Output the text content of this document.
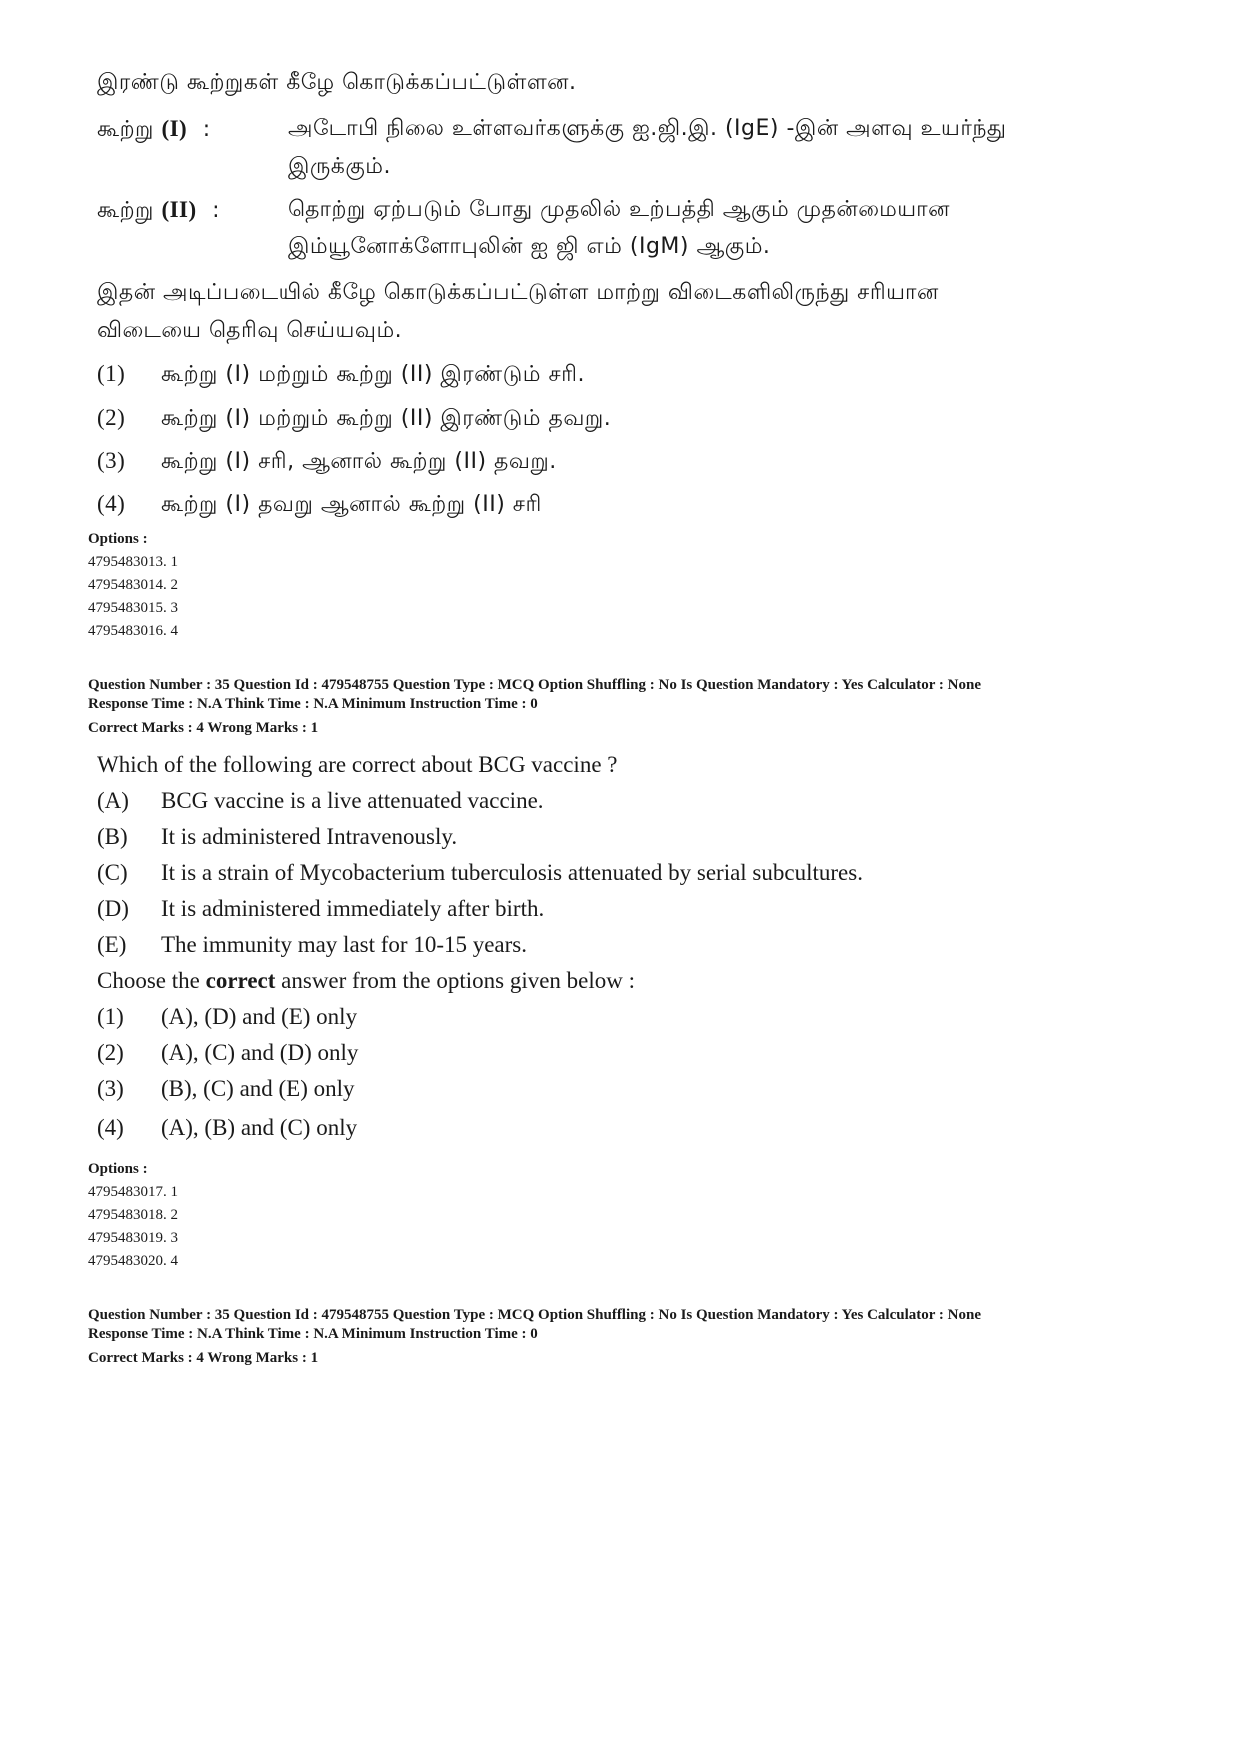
இரண்டு கூற்றுகள் கீழே கொடுக்கப்பட்டுள்ளன.
கூற்று (I) :	அடோபி நிலை உள்ளவர்களுக்கு ஐ.ஜி.இ. (IgE) -இன் அளவு உயர்ந்து
இருக்கும்.
கூற்று (II) :	தொற்று ஏற்படும் போது முதலில் உற்பத்தி ஆகும் முதன்மையான
இம்யூனோக்ளோபுலின் ஐ ஜி எம் (IgM) ஆகும்.
இதன் அடிப்படையில் கீழே கொடுக்கப்பட்டுள்ள மாற்று விடைகளிலிருந்து சரியான
விடையை தெரிவு செய்யவும்.
(1) கூற்று (I) மற்றும் கூற்று (II) இரண்டும் சரி.
(2) கூற்று (I) மற்றும் கூற்று (II) இரண்டும் தவறு.
(3) கூற்று (I) சரி, ஆனால் கூற்று (II) தவறு.
(4) கூற்று (I) தவறு ஆனால் கூற்று (II) சரி
Options :
4795483013. 1
4795483014. 2
4795483015. 3
4795483016. 4
Question Number : 35 Question Id : 479548755 Question Type : MCQ Option Shuffling : No Is Question Mandatory : Yes Calculator : None
Response Time : N.A Think Time : N.A Minimum Instruction Time : 0
Correct Marks : 4 Wrong Marks : 1
Which of the following are correct about BCG vaccine ?
(A) BCG vaccine is a live attenuated vaccine.
(B) It is administered Intravenously.
(C) It is a strain of Mycobacterium tuberculosis attenuated by serial subcultures.
(D) It is administered immediately after birth.
(E) The immunity may last for 10-15 years.
Choose the correct answer from the options given below :
(1) (A), (D) and (E) only
(2) (A), (C) and (D) only
(3) (B), (C) and (E) only
(4) (A), (B) and (C) only
Options :
4795483017. 1
4795483018. 2
4795483019. 3
4795483020. 4
Question Number : 35 Question Id : 479548755 Question Type : MCQ Option Shuffling : No Is Question Mandatory : Yes Calculator : None
Response Time : N.A Think Time : N.A Minimum Instruction Time : 0
Correct Marks : 4 Wrong Marks : 1
